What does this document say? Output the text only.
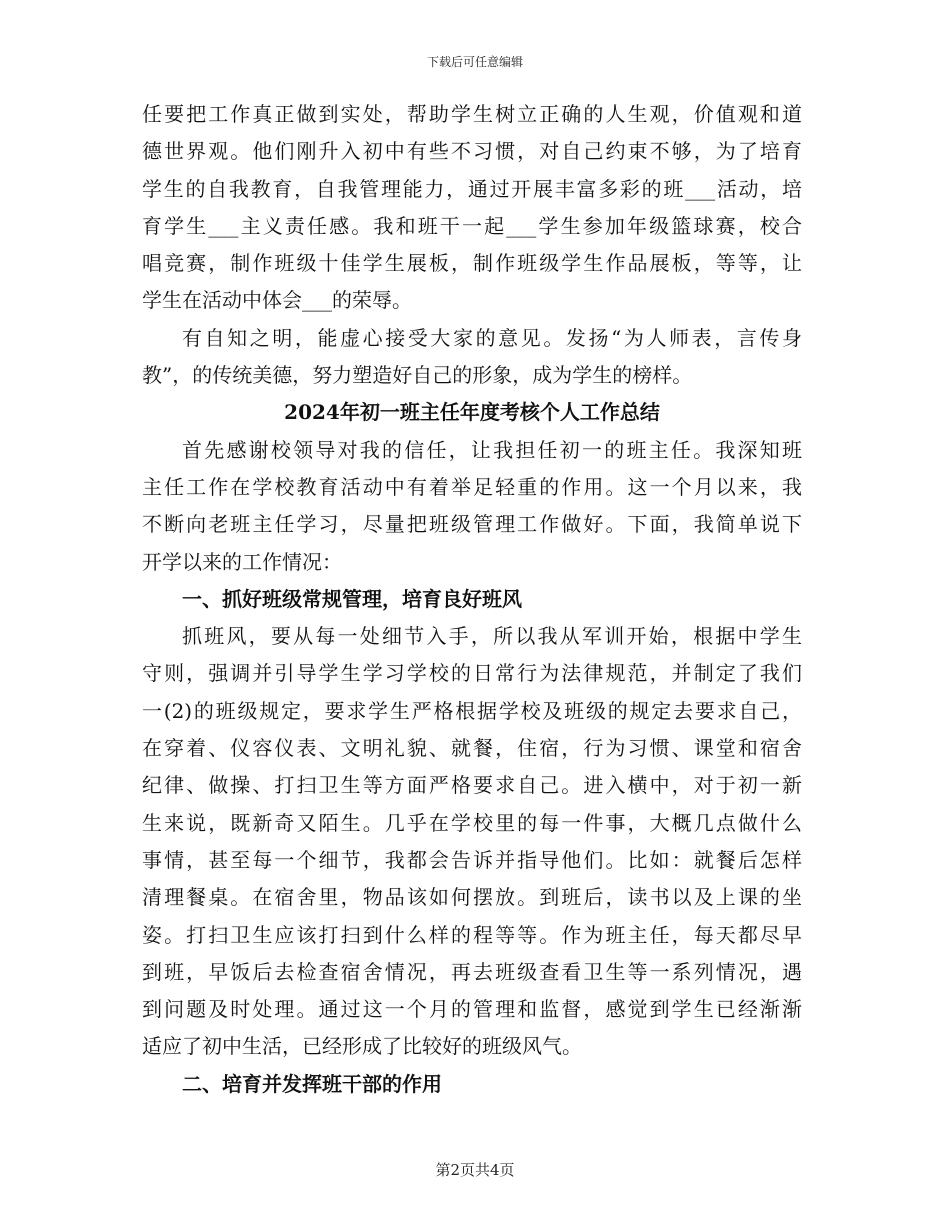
下载后可任意编辑
任要把工作真正做到实处，帮助学生树立正确的人生观，价值观和道
德世界观。他们刚升入初中有些不习惯，对自己约束不够，为了培育
学生的自我教育，自我管理能力，通过开展丰富多彩的班___活动，培
育学生___主义责任感。我和班干一起___学生参加年级篮球赛，校合
唱竞赛，制作班级十佳学生展板，制作班级学生作品展板，等等，让
学生在活动中体会___的荣辱。
有自知之明，能虚心接受大家的意见。发扬“为人师表，言传身
教”，的传统美德，努力塑造好自己的形象，成为学生的榜样。
2024年初一班主任年度考核个人工作总结
首先感谢校领导对我的信任，让我担任初一的班主任。我深知班
主任工作在学校教育活动中有着举足轻重的作用。这一个月以来，我
不断向老班主任学习，尽量把班级管理工作做好。下面，我简单说下
开学以来的工作情况：
一、抓好班级常规管理，培育良好班风
抓班风，要从每一处细节入手，所以我从军训开始，根据中学生
守则，强调并引导学生学习学校的日常行为法律规范，并制定了我们
一(2)的班级规定，要求学生严格根据学校及班级的规定去要求自己，
在穿着、仪容仪表、文明礼貌、就餐，住宿，行为习惯、课堂和宿舍
纪律、做操、打扫卫生等方面严格要求自己。进入横中，对于初一新
生来说，既新奇又陌生。几乎在学校里的每一件事，大概几点做什么
事情，甚至每一个细节，我都会告诉并指导他们。比如：就餐后怎样
清理餐桌。在宿舍里，物品该如何摆放。到班后，读书以及上课的坐
姿。打扫卫生应该打扫到什么样的程等等。作为班主任，每天都尽早
到班，早饭后去检查宿舍情况，再去班级查看卫生等一系列情况，遇
到问题及时处理。通过这一个月的管理和监督，感觉到学生已经渐渐
适应了初中生活，已经形成了比较好的班级风气。
二、培育并发挥班干部的作用
第2页共4页
